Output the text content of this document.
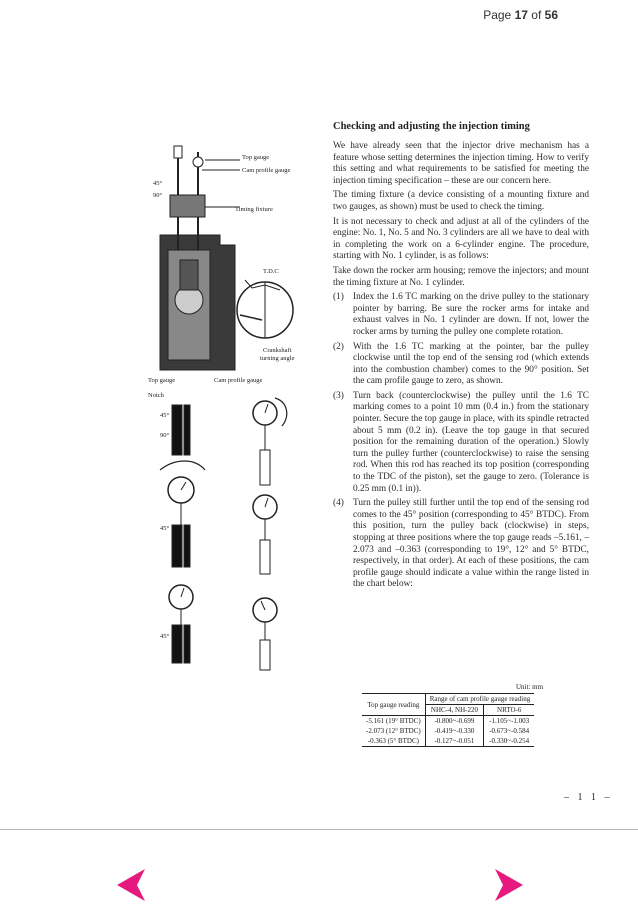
Page 17 of 56
Top gauge
Cam profile gauge
45°
90°
Timing fixture
T.D.C
Crankshaft
turning angle
Top gauge	Cam profile gauge
Notch
45°
90°
45°
45°
Checking and adjusting the injection timing

We have already seen that the injector drive mechanism has a feature whose setting determines the injection timing. How to verify this setting and what requirements to be satisfied for meeting the injection timing specification – these are our concern here.

The timing fixture (a device consisting of a mounting fixture and two gauges, as shown) must be used to check the timing.

It is not necessary to check and adjust at all of the cylinders of the engine: No. 1, No. 5 and No. 3 cylinders are all we have to deal with in completing the work on a 6-cylinder engine. The procedure, starting with No. 1 cylinder, is as follows:

Take down the rocker arm housing; remove the injectors; and mount the timing fixture at No. 1 cylinder.

(1) Index the 1.6 TC marking on the drive pulley to the stationary pointer by barring. Be sure the rocker arms for intake and exhaust valves in No. 1 cylinder are down. If not, lower the rocker arms by turning the pulley one complete rotation.
(2) With the 1.6 TC marking at the pointer, bar the pulley clockwise until the top end of the sensing rod (which extends into the combustion chamber) comes to the 90° position. Set the cam profile gauge to zero, as shown.
(3) Turn back (counterclockwise) the pulley until the 1.6 TC marking comes to a point 10 mm (0.4 in.) from the stationary pointer. Secure the top gauge in place, with its spindle retracted about 5 mm (0.2 in). (Leave the top gauge in that secured position for the remaining duration of the operation.) Slowly turn the pulley further (counterclockwise) to raise the sensing rod. When this rod has reached its top position (corresponding to the TDC of the piston), set the gauge to zero. (Tolerance is 0.25 mm (0.1 in)).
(4) Turn the pulley still further until the top end of the sensing rod comes to the 45° position (corresponding to 45° BTDC). From this position, turn the pulley back (clockwise) in steps, stopping at three positions where the top gauge reads –5.161, –2.073 and –0.363 (corresponding to 19°, 12° and 5° BTDC, respectively, in that order). At each of these positions, the cam profile gauge should indicate a value within the range listed in the chart below:
Unit: mm
Top gauge reading	Range of cam profile gauge reading	
	NHC-4, NH-220	NRTO-6
-5.161 (19° BTDC)	-0.800~-0.699	-1.105~-1.003
-2.073 (12° BTDC)	-0.419~-0.330	-0.673~-0.584
-0.363 (5° BTDC)	-0.127~-0.051	-0.330~-0.254
– 1 1 –
